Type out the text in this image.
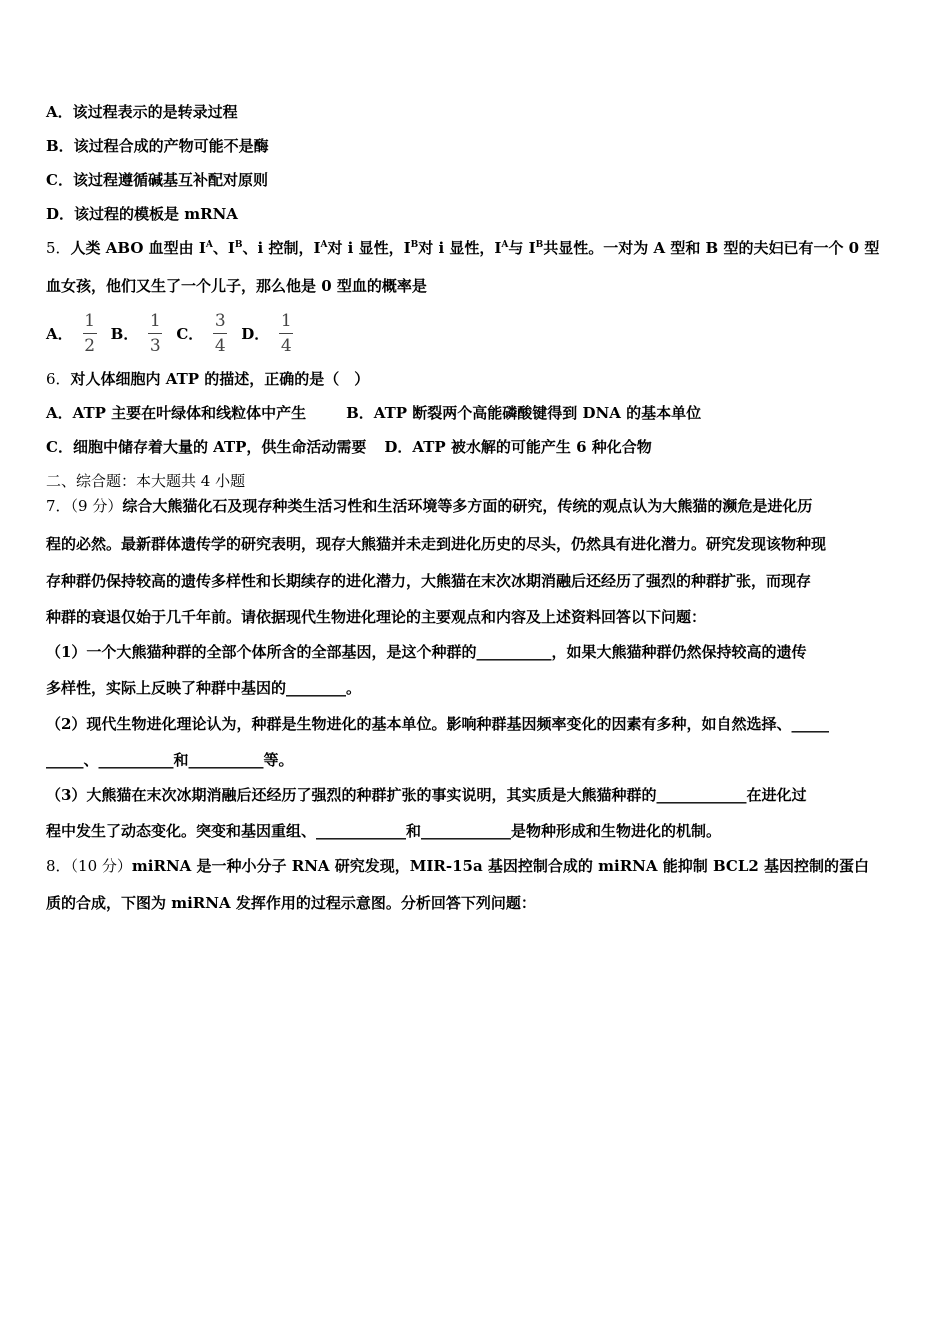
A．该过程表示的是转录过程
B．该过程合成的产物可能不是酶
C．该过程遵循碱基互补配对原则
D．该过程的模板是 mRNA
5．人类 ABO 血型由 $I^A$、$I^B$、i 控制，$I^A$对 i 显性，$I^B$对 i 显性，$I^A$与 $I^B$共显性。一对为 A 型和 B 型的夫妇已有一个 0 型
血女孩，他们又生了一个儿子，那么他是 0 型血的概率是
A． $\frac{1}{2}$ B． $\frac{1}{3}$ C． $\frac{3}{4}$ D． $\frac{1}{4}$
6．对人体细胞内 ATP 的描述，正确的是（　）
A．ATP 主要在叶绿体和线粒体中产生	B．ATP 断裂两个高能磷酸键得到 DNA 的基本单位
C．细胞中储存着大量的 ATP，供生命活动需要 D．ATP 被水解的可能产生 6 种化合物
二、综合题：本大题共 4 小题
7．（9 分）综合大熊猫化石及现存种类生活习性和生活环境等多方面的研究，传统的观点认为大熊猫的濒危是进化历
程的必然。最新群体遗传学的研究表明，现存大熊猫并未走到进化历史的尽头，仍然具有进化潜力。研究发现该物种现
存种群仍保持较高的遗传多样性和长期续存的进化潜力，大熊猫在末次冰期消融后还经历了强烈的种群扩张，而现存
种群的衰退仅始于几千年前。请依据现代生物进化理论的主要观点和内容及上述资料回答以下问题：
（1）一个大熊猫种群的全部个体所含的全部基因，是这个种群的__________，如果大熊猫种群仍然保持较高的遗传
多样性，实际上反映了种群中基因的________。
（2）现代生物进化理论认为，种群是生物进化的基本单位。影响种群基因频率变化的因素有多种，如自然选择、_____
_____、__________和__________等。
（3）大熊猫在末次冰期消融后还经历了强烈的种群扩张的事实说明，其实质是大熊猫种群的____________在进化过
程中发生了动态变化。突变和基因重组、____________和____________是物种形成和生物进化的机制。
8．（10 分）miRNA 是一种小分子 RNA 研究发现，MIR-15a 基因控制合成的 miRNA 能抑制 BCL2 基因控制的蛋白
质的合成，下图为 miRNA 发挥作用的过程示意图。分析回答下列问题：
